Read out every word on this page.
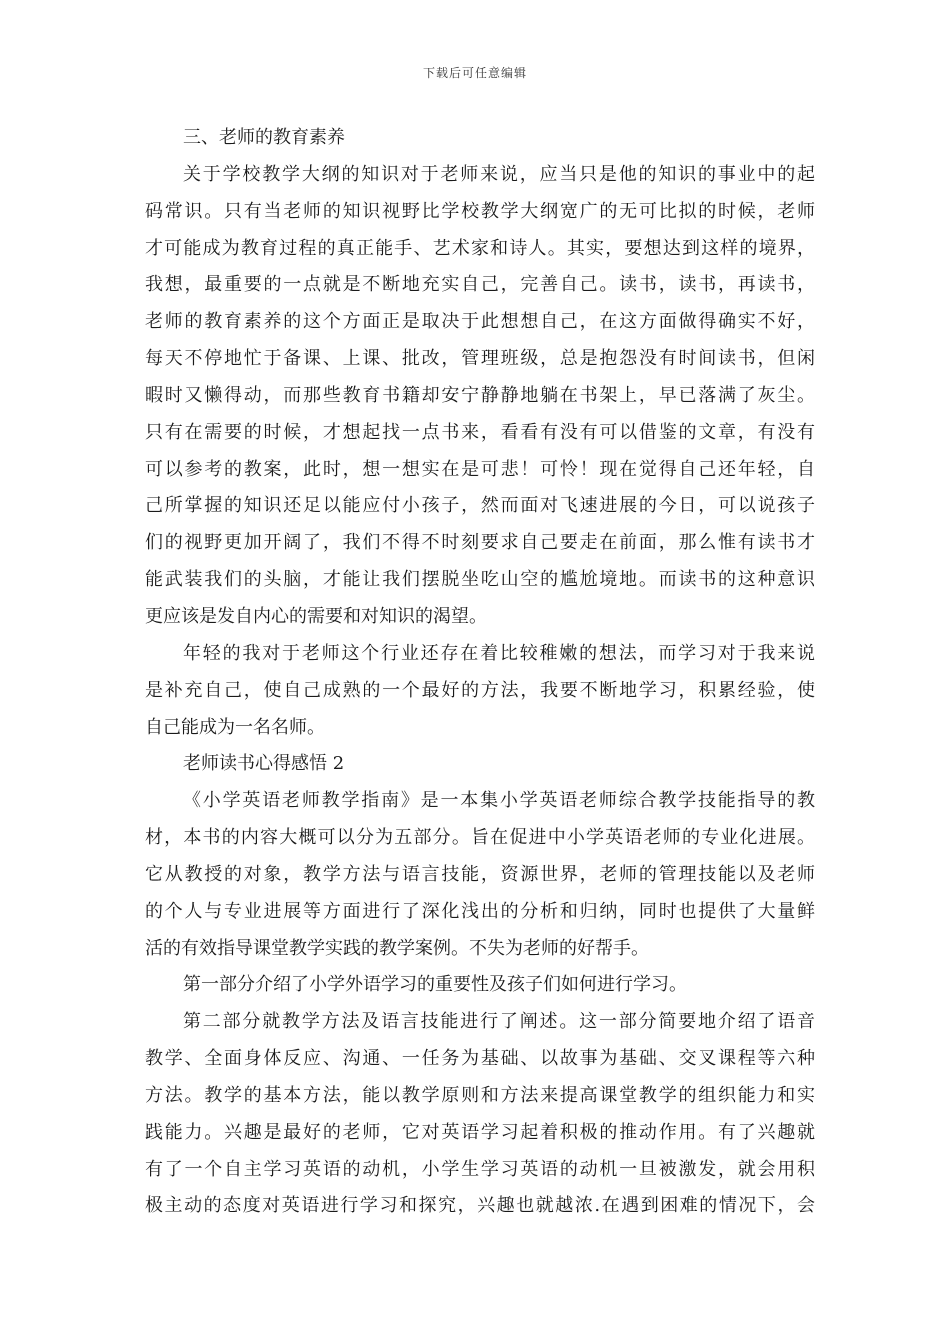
下载后可任意编辑
三、老师的教育素养
关于学校教学大纲的知识对于老师来说，应当只是他的知识的事业中的起
码常识。只有当老师的知识视野比学校教学大纲宽广的无可比拟的时候，老师
才可能成为教育过程的真正能手、艺术家和诗人。其实，要想达到这样的境界，
我想，最重要的一点就是不断地充实自己，完善自己。读书，读书，再读书，
老师的教育素养的这个方面正是取决于此想想自己，在这方面做得确实不好，
每天不停地忙于备课、上课、批改，管理班级，总是抱怨没有时间读书，但闲
暇时又懒得动，而那些教育书籍却安宁静静地躺在书架上，早已落满了灰尘。
只有在需要的时候，才想起找一点书来，看看有没有可以借鉴的文章，有没有
可以参考的教案，此时，想一想实在是可悲！可怜！现在觉得自己还年轻，自
己所掌握的知识还足以能应付小孩子，然而面对飞速进展的今日，可以说孩子
们的视野更加开阔了，我们不得不时刻要求自己要走在前面，那么惟有读书才
能武装我们的头脑，才能让我们摆脱坐吃山空的尴尬境地。而读书的这种意识
更应该是发自内心的需要和对知识的渴望。
年轻的我对于老师这个行业还存在着比较稚嫩的想法，而学习对于我来说
是补充自己，使自己成熟的一个最好的方法，我要不断地学习，积累经验，使
自己能成为一名名师。
老师读书心得感悟 2
《小学英语老师教学指南》是一本集小学英语老师综合教学技能指导的教
材，本书的内容大概可以分为五部分。旨在促进中小学英语老师的专业化进展。
它从教授的对象，教学方法与语言技能，资源世界，老师的管理技能以及老师
的个人与专业进展等方面进行了深化浅出的分析和归纳，同时也提供了大量鲜
活的有效指导课堂教学实践的教学案例。不失为老师的好帮手。
第一部分介绍了小学外语学习的重要性及孩子们如何进行学习。
第二部分就教学方法及语言技能进行了阐述。这一部分简要地介绍了语音
教学、全面身体反应、沟通、一任务为基础、以故事为基础、交叉课程等六种
方法。教学的基本方法，能以教学原则和方法来提高课堂教学的组织能力和实
践能力。兴趣是最好的老师，它对英语学习起着积极的推动作用。有了兴趣就
有了一个自主学习英语的动机，小学生学习英语的动机一旦被激发，就会用积
极主动的态度对英语进行学习和探究，兴趣也就越浓.在遇到困难的情况下，会
